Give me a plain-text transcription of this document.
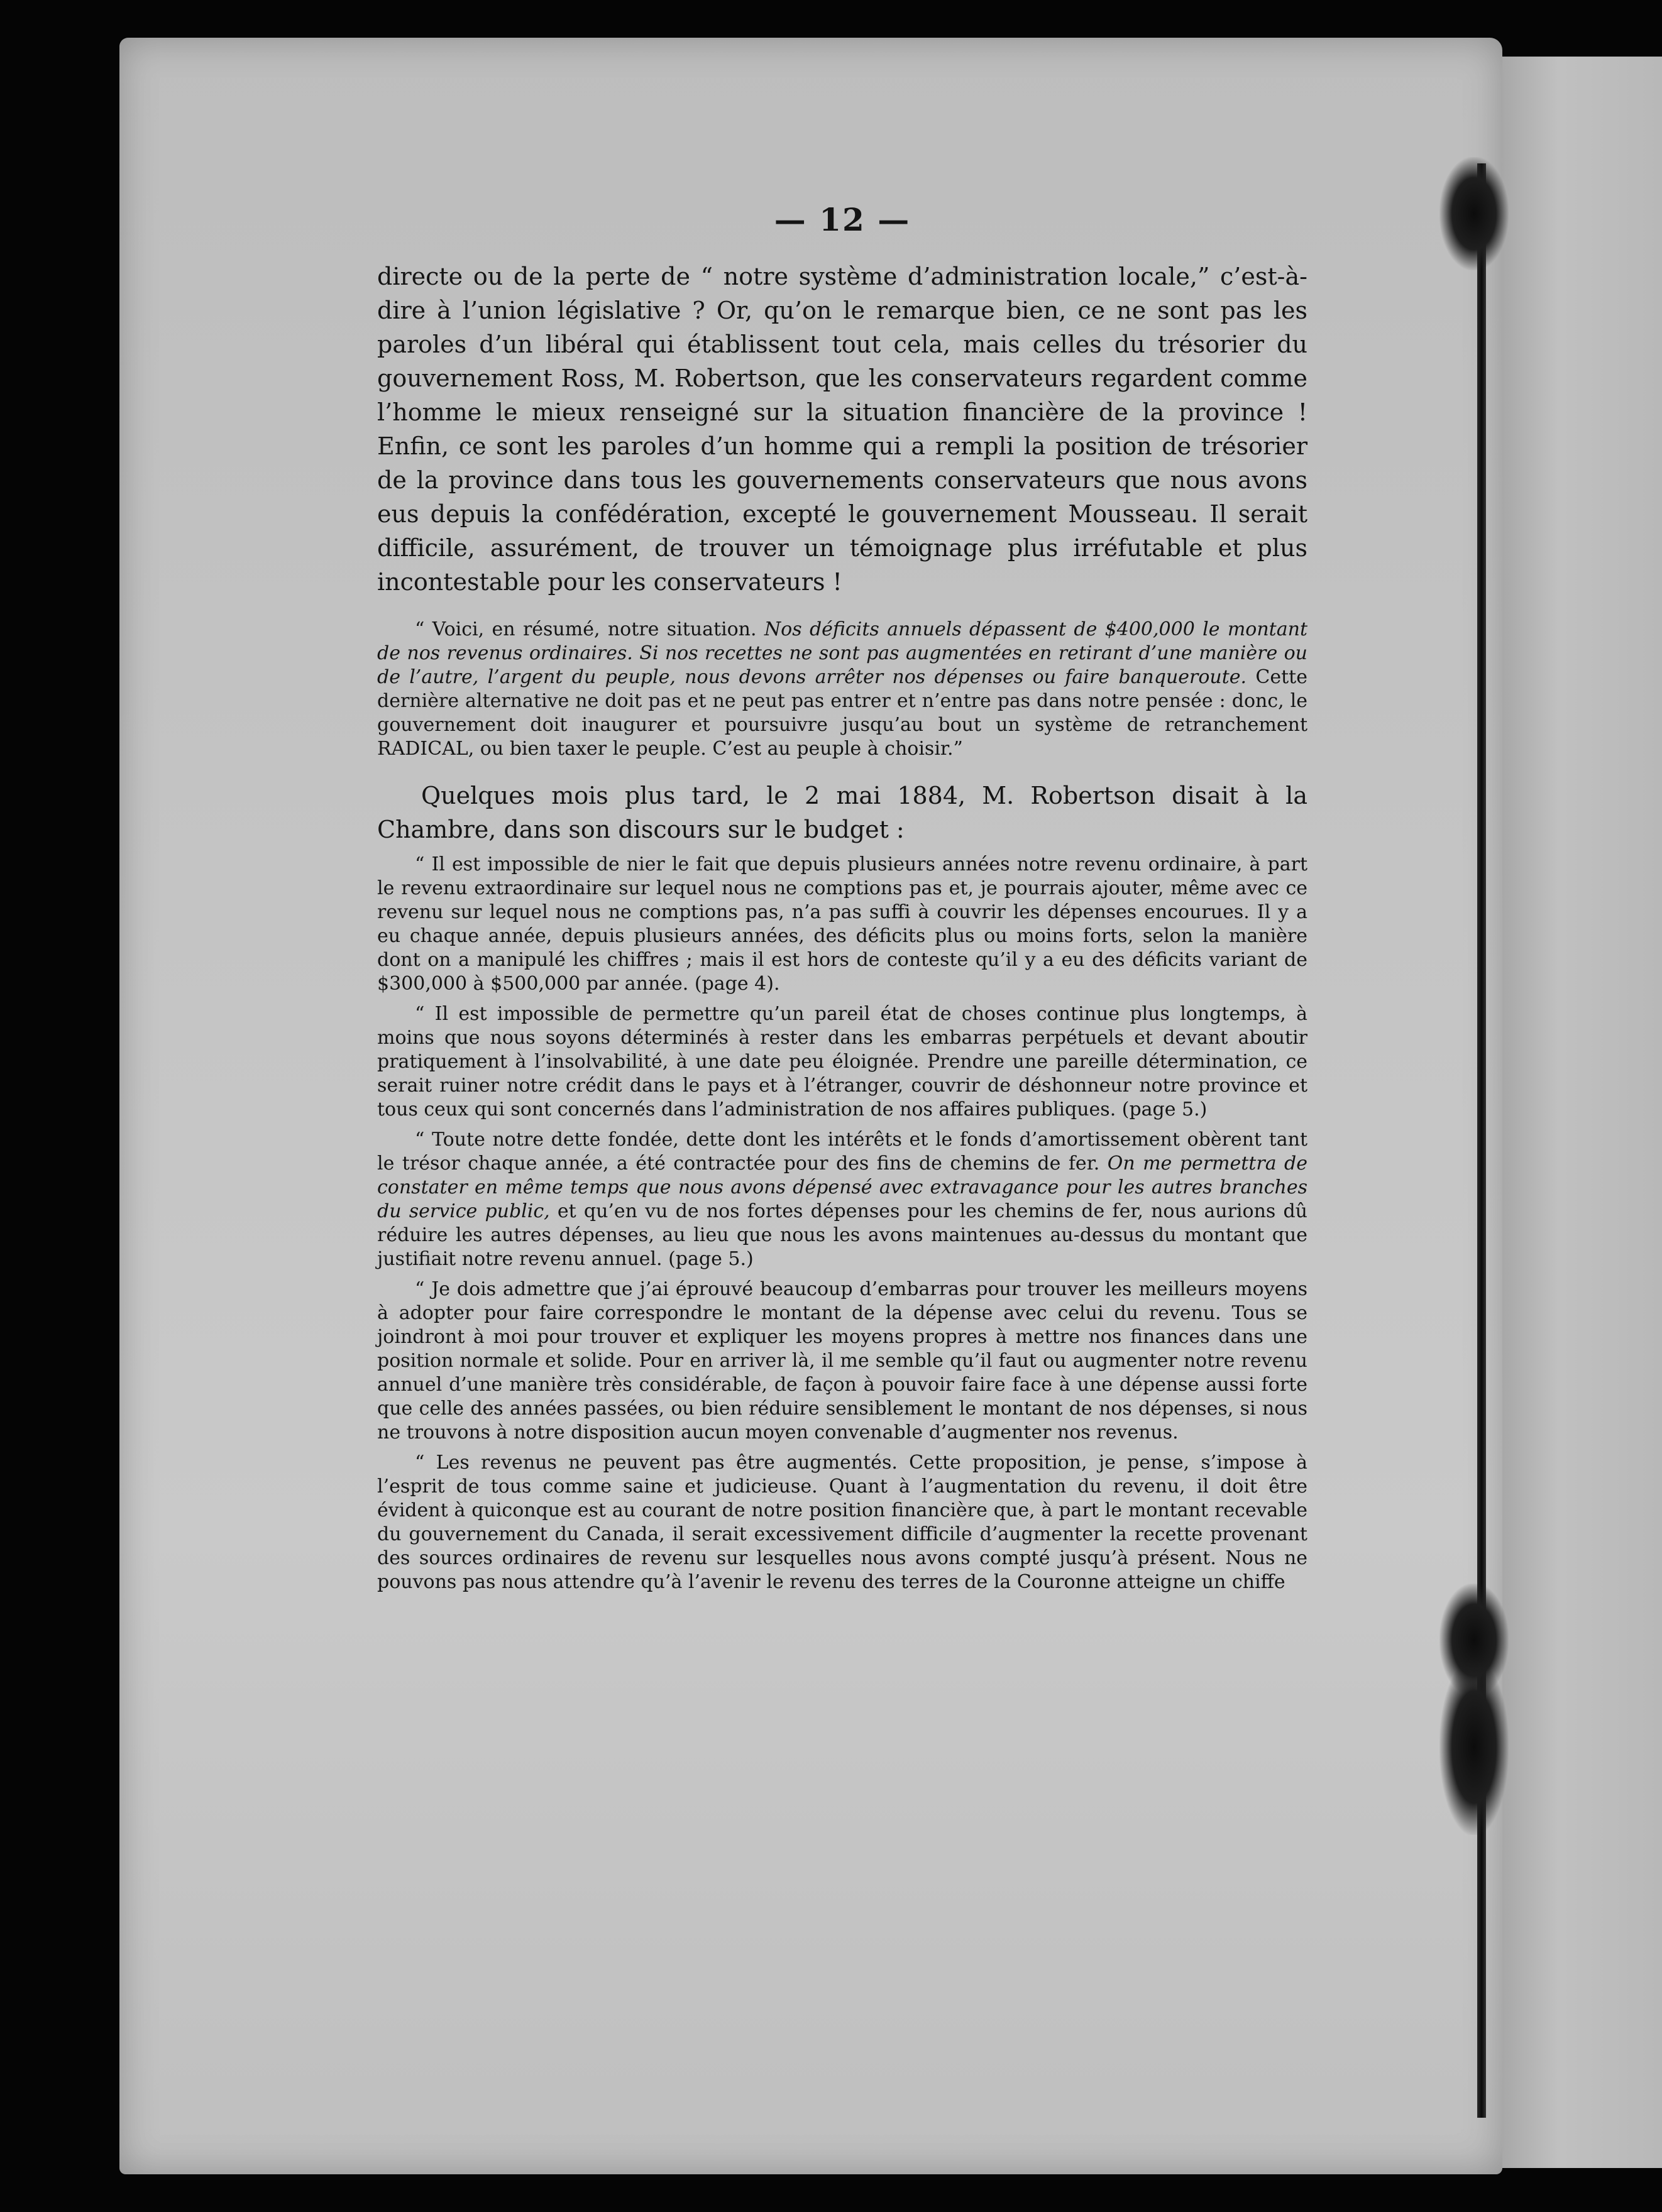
— 12 —

directe ou de la perte de “ notre système d’administration locale,” c’est-à-dire à l’union législative ? Or, qu’on le remarque bien, ce ne sont pas les paroles d’un libéral qui établissent tout cela, mais celles du trésorier du gouvernement Ross, M. Robertson, que les conservateurs regardent comme l’homme le mieux renseigné sur la situation financière de la province ! Enfin, ce sont les paroles d’un homme qui a rempli la position de trésorier de la province dans tous les gouvernements conservateurs que nous avons eus depuis la confédération, excepté le gouvernement Mousseau. Il serait difficile, assurément, de trouver un témoignage plus irréfutable et plus incontestable pour les conservateurs !

“ Voici, en résumé, notre situation. Nos déficits annuels dépassent de $400,000 le montant de nos revenus ordinaires. Si nos recettes ne sont pas augmentées en retirant d’une manière ou de l’autre, l’argent du peuple, nous devons arrêter nos dépenses ou faire banqueroute. Cette dernière alternative ne doit pas et ne peut pas entrer et n’entre pas dans notre pensée : donc, le gouvernement doit inaugurer et poursuivre jusqu’au bout un système de retranchement RADICAL, ou bien taxer le peuple. C’est au peuple à choisir.”

Quelques mois plus tard, le 2 mai 1884, M. Robertson disait à la Chambre, dans son discours sur le budget :

“ Il est impossible de nier le fait que depuis plusieurs années notre revenu ordinaire, à part le revenu extraordinaire sur lequel nous ne comptions pas et, je pourrais ajouter, même avec ce revenu sur lequel nous ne comptions pas, n’a pas suffi à couvrir les dépenses encourues. Il y a eu chaque année, depuis plusieurs années, des déficits plus ou moins forts, selon la manière dont on a manipulé les chiffres ; mais il est hors de conteste qu’il y a eu des déficits variant de $300,000 à $500,000 par année. (page 4).

“ Il est impossible de permettre qu’un pareil état de choses continue plus longtemps, à moins que nous soyons déterminés à rester dans les embarras perpétuels et devant aboutir pratiquement à l’insolvabilité, à une date peu éloignée. Prendre une pareille détermination, ce serait ruiner notre crédit dans le pays et à l’étranger, couvrir de déshonneur notre province et tous ceux qui sont concernés dans l’administration de nos affaires publiques. (page 5.)

“ Toute notre dette fondée, dette dont les intérêts et le fonds d’amortissement obèrent tant le trésor chaque année, a été contractée pour des fins de chemins de fer. On me permettra de constater en même temps que nous avons dépensé avec extravagance pour les autres branches du service public, et qu’en vu de nos fortes dépenses pour les chemins de fer, nous aurions dû réduire les autres dépenses, au lieu que nous les avons maintenues au-dessus du montant que justifiait notre revenu annuel. (page 5.)

“ Je dois admettre que j’ai éprouvé beaucoup d’embarras pour trouver les meilleurs moyens à adopter pour faire correspondre le montant de la dépense avec celui du revenu. Tous se joindront à moi pour trouver et expliquer les moyens propres à mettre nos finances dans une position normale et solide. Pour en arriver là, il me semble qu’il faut ou augmenter notre revenu annuel d’une manière très considérable, de façon à pouvoir faire face à une dépense aussi forte que celle des années passées, ou bien réduire sensiblement le montant de nos dépenses, si nous ne trouvons à notre disposition aucun moyen convenable d’augmenter nos revenus.

“ Les revenus ne peuvent pas être augmentés. Cette proposition, je pense, s’impose à l’esprit de tous comme saine et judicieuse. Quant à l’augmentation du revenu, il doit être évident à quiconque est au courant de notre position financière que, à part le montant recevable du gouvernement du Canada, il serait excessivement difficile d’augmenter la recette provenant des sources ordinaires de revenu sur lesquelles nous avons compté jusqu’à présent. Nous ne pouvons pas nous attendre qu’à l’avenir le revenu des terres de la Couronne atteigne un chiffe
